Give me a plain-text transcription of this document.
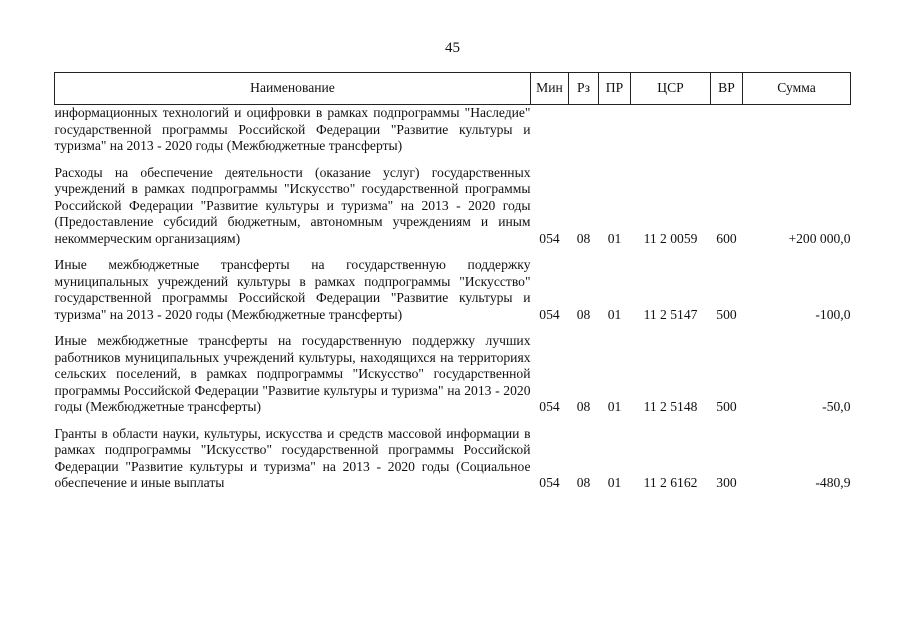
45
Наименование	Мин	Рз	ПР	ЦСР	ВР	Сумма
информационных технологий и оцифровки в рамках подпрограммы "Наследие" государственной программы Российской Федерации "Развитие культуры и туризма" на 2013 - 2020 годы (Межбюджетные трансферты)						
Расходы на обеспечение деятельности (оказание услуг) государственных учреждений в рамках подпрограммы "Искусство" государственной программы Российской Федерации "Развитие культуры и туризма" на 2013 - 2020 годы (Предоставление субсидий бюджетным, автономным учреждениям и иным некоммерческим организациям)	054	08	01	11 2 0059	600	+200 000,0
Иные межбюджетные трансферты на государственную поддержку муниципальных учреждений культуры в рамках подпрограммы "Искусство" государственной программы Российской Федерации "Развитие культуры и туризма" на 2013 - 2020 годы (Межбюджетные трансферты)	054	08	01	11 2 5147	500	-100,0
Иные межбюджетные трансферты на государственную поддержку лучших работников муниципальных учреждений культуры, находящихся на территориях сельских поселений, в рамках подпрограммы "Искусство" государственной программы Российской Федерации "Развитие культуры и туризма" на 2013 - 2020 годы (Межбюджетные трансферты)	054	08	01	11 2 5148	500	-50,0
Гранты в области науки, культуры, искусства и средств массовой информации в рамках подпрограммы "Искусство" государственной программы Российской Федерации "Развитие культуры и туризма" на 2013 - 2020 годы (Социальное обеспечение и иные выплаты	054	08	01	11 2 6162	300	-480,9
